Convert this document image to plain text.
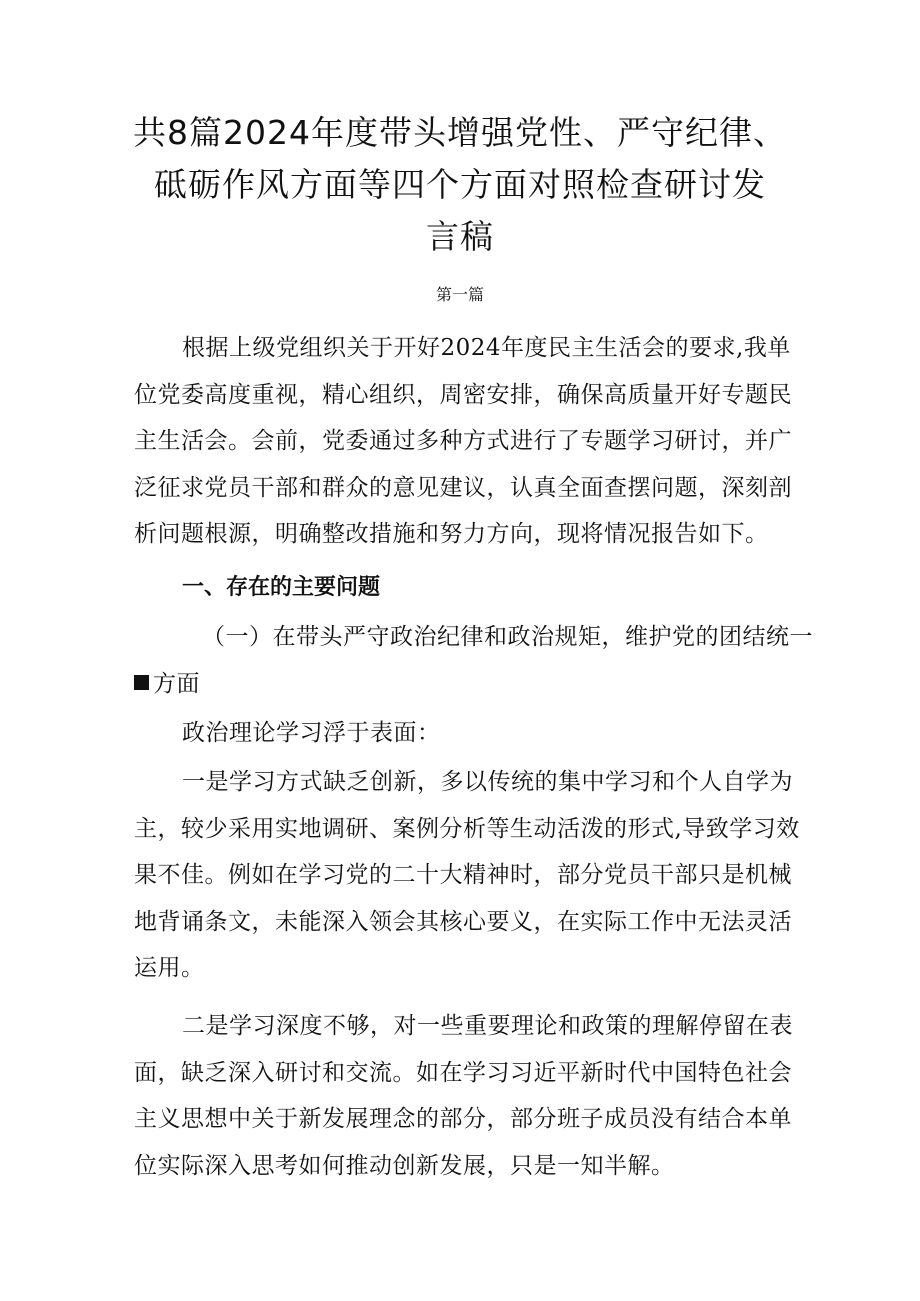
共8篇2024年度带头增强党性、严守纪律、
砥砺作风方面等四个方面对照检查研讨发
言稿
第一篇
根据上级党组织关于开好2024年度民主生活会的要求,我单
位党委高度重视，精心组织，周密安排，确保高质量开好专题民
主生活会。会前，党委通过多种方式进行了专题学习研讨，并广
泛征求党员干部和群众的意见建议，认真全面查摆问题，深刻剖
析问题根源，明确整改措施和努力方向，现将情况报告如下。
一、存在的主要问题
（一）在带头严守政治纪律和政治规矩，维护党的团结统一
方面
政治理论学习浮于表面：
一是学习方式缺乏创新，多以传统的集中学习和个人自学为
主，较少采用实地调研、案例分析等生动活泼的形式,导致学习效
果不佳。例如在学习党的二十大精神时，部分党员干部只是机械
地背诵条文，未能深入领会其核心要义，在实际工作中无法灵活
运用。
二是学习深度不够，对一些重要理论和政策的理解停留在表
面，缺乏深入研讨和交流。如在学习习近平新时代中国特色社会
主义思想中关于新发展理念的部分，部分班子成员没有结合本单
位实际深入思考如何推动创新发展，只是一知半解。
